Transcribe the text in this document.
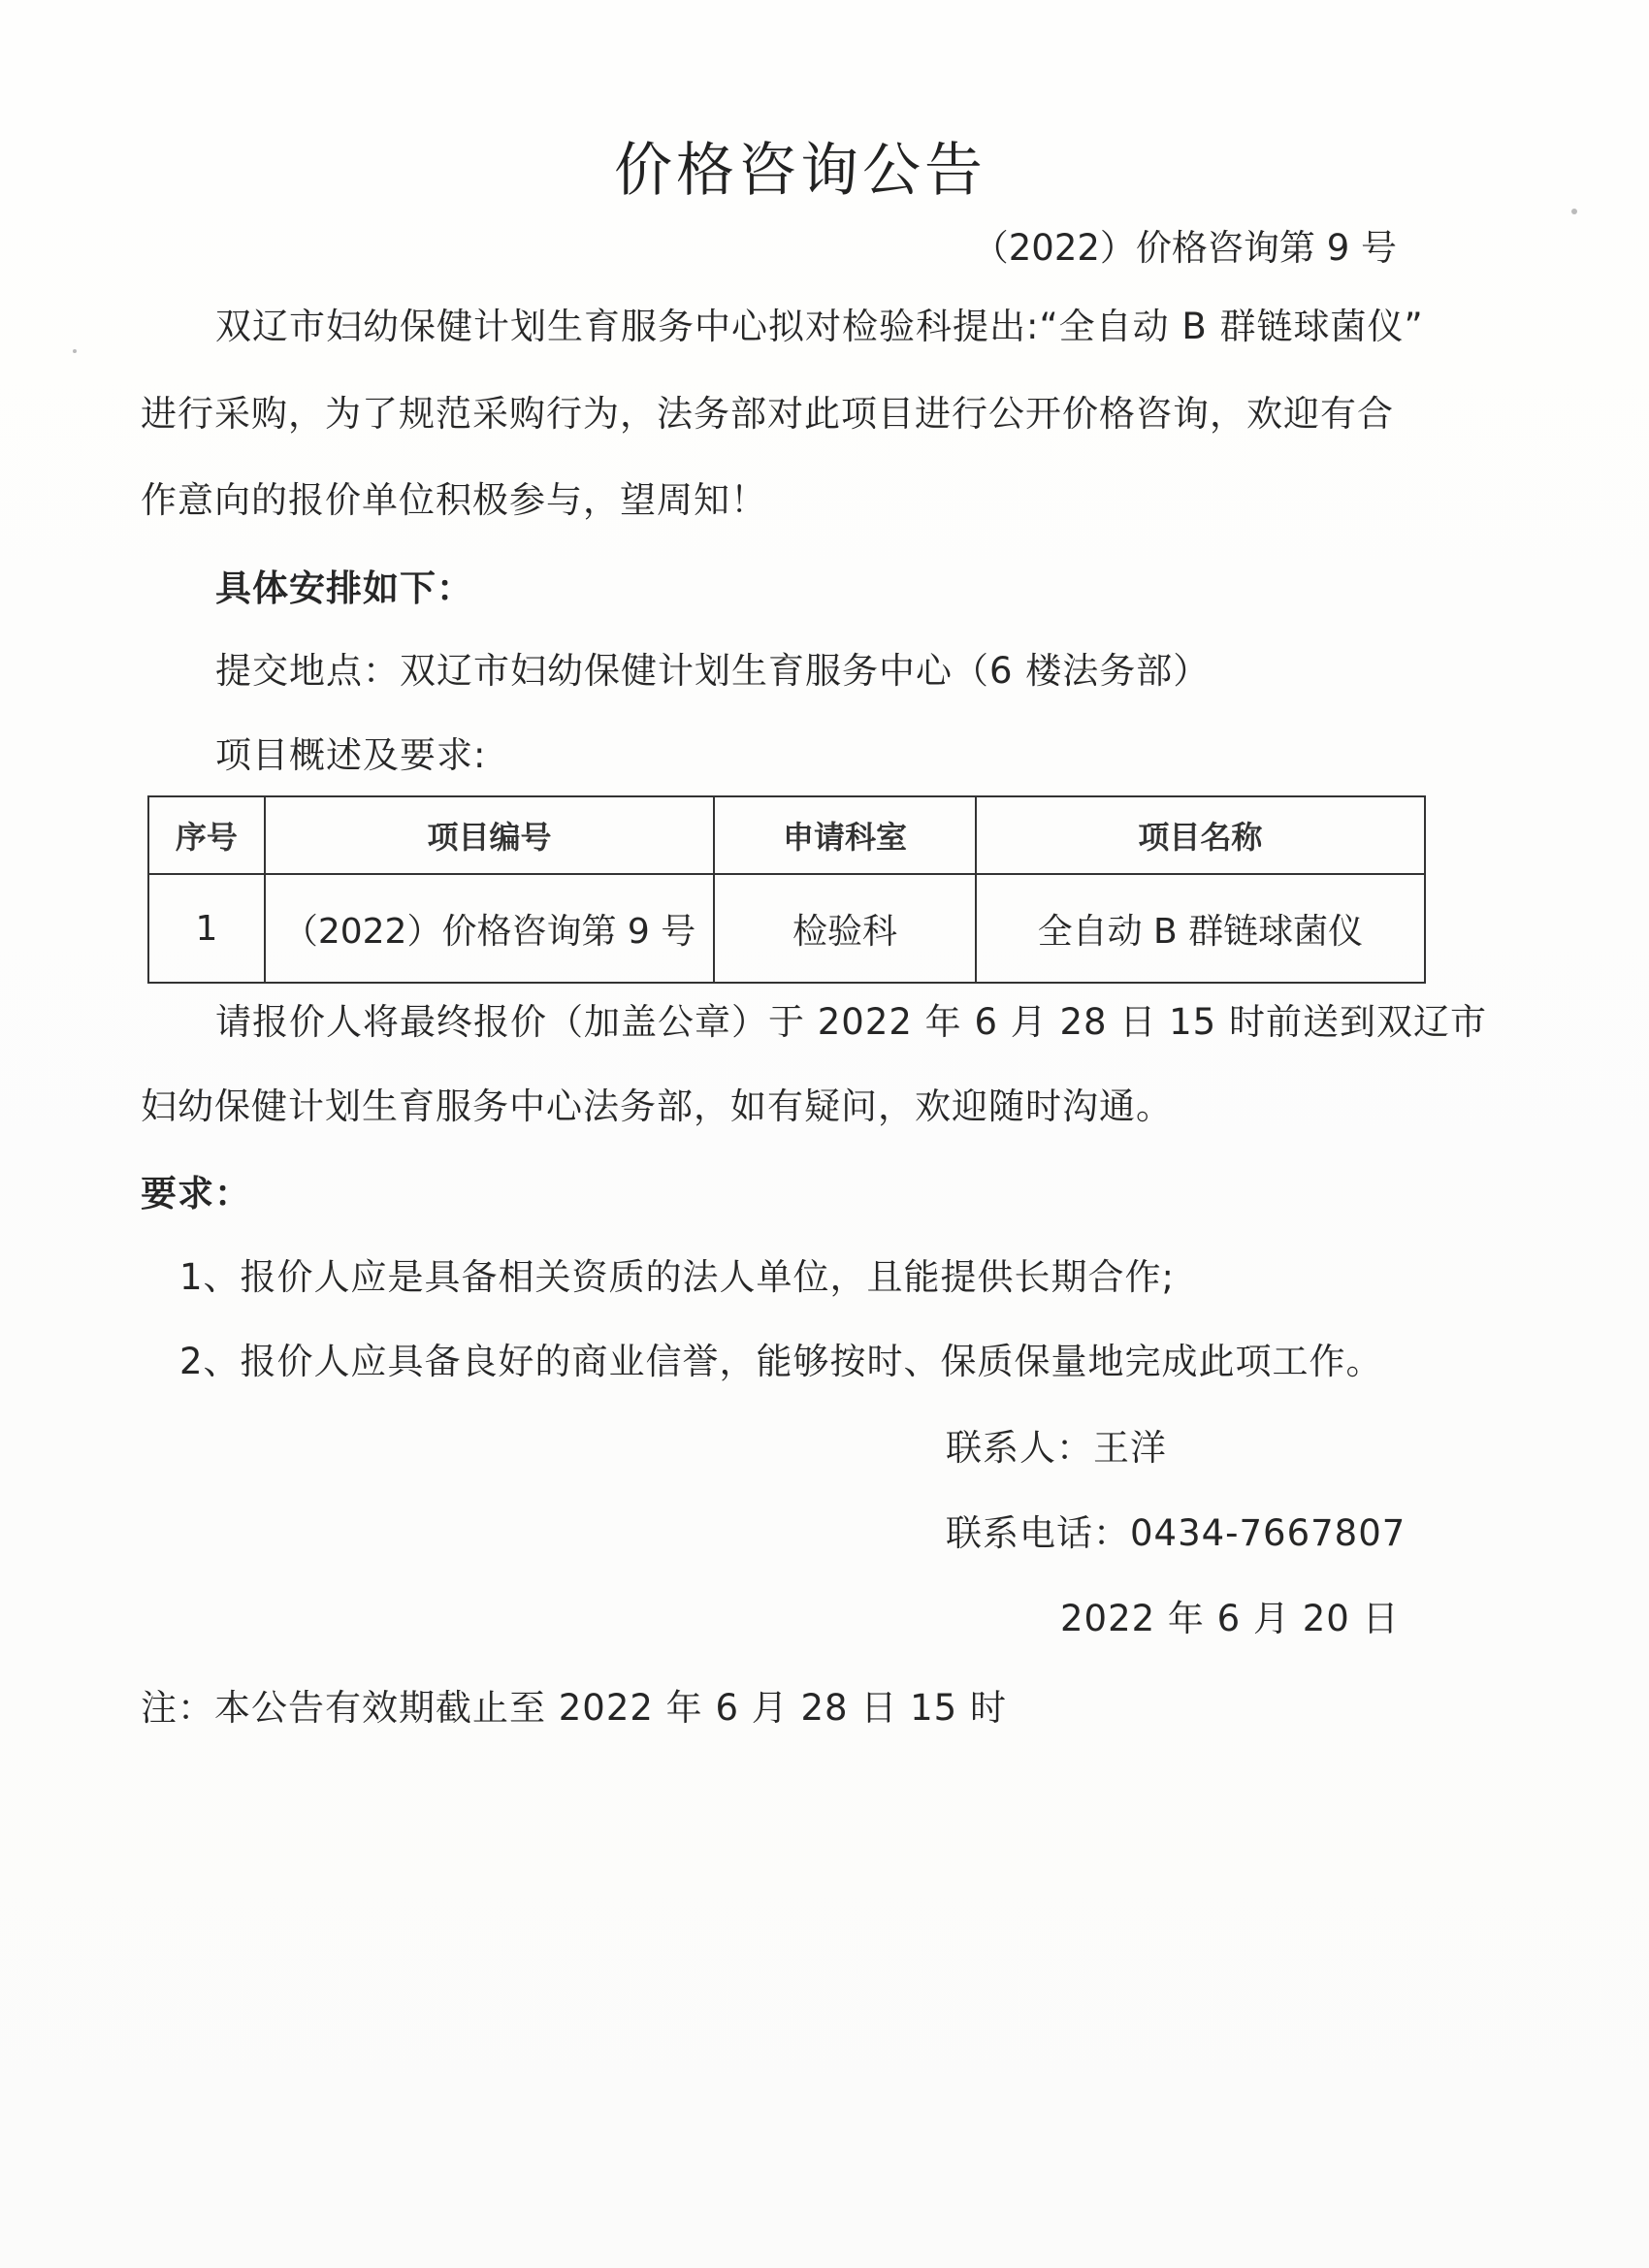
价格咨询公告
（2022）价格咨询第 9 号
双辽市妇幼保健计划生育服务中心拟对检验科提出:“全自动 B 群链球菌仪”
进行采购，为了规范采购行为，法务部对此项目进行公开价格咨询，欢迎有合
作意向的报价单位积极参与，望周知！
具体安排如下：
提交地点：双辽市妇幼保健计划生育服务中心（6 楼法务部）
项目概述及要求:
序号	项目编号	申请科室	项目名称
1	（2022）价格咨询第 9 号	检验科	全自动 B 群链球菌仪
请报价人将最终报价（加盖公章）于 2022 年 6 月 28 日 15 时前送到双辽市
妇幼保健计划生育服务中心法务部，如有疑问，欢迎随时沟通。
要求：
1、报价人应是具备相关资质的法人单位，且能提供长期合作;
2、报价人应具备良好的商业信誉，能够按时、保质保量地完成此项工作。
联系人：王洋
联系电话：0434-7667807
2022 年 6 月 20 日
注：本公告有效期截止至 2022 年 6 月 28 日 15 时
